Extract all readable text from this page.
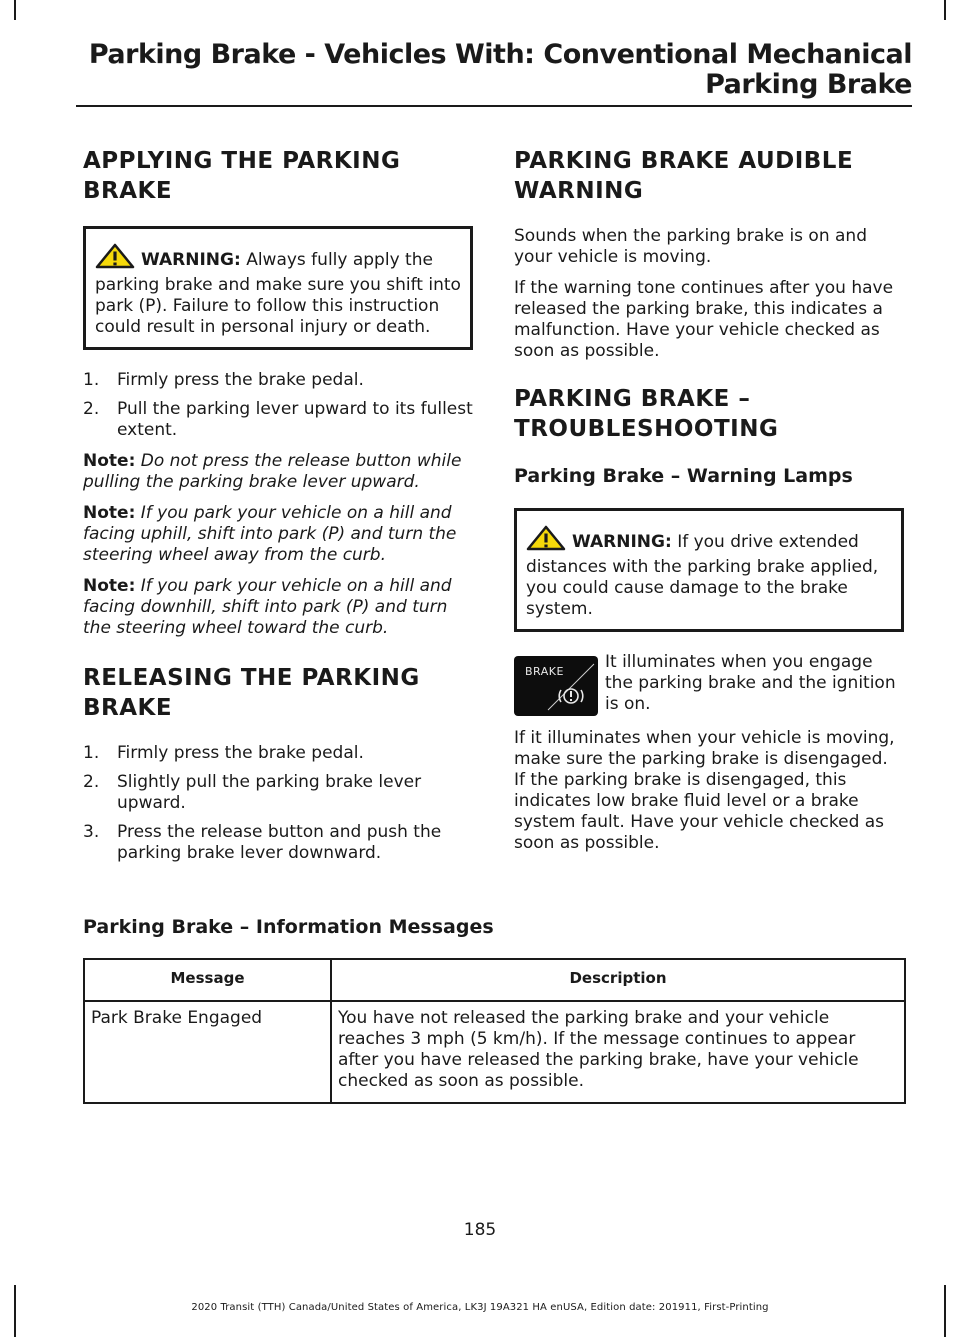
Parking Brake - Vehicles With: Conventional Mechanical
Parking Brake
APPLYING THE PARKING BRAKE
WARNING: Always fully apply the parking brake and make sure you shift into park (P). Failure to follow this instruction could result in personal injury or death.
1. Firmly press the brake pedal.
2. Pull the parking lever upward to its fullest extent.

Note: Do not press the release button while pulling the parking brake lever upward.

Note: If you park your vehicle on a hill and facing uphill, shift into park (P) and turn the steering wheel away from the curb.

Note: If you park your vehicle on a hill and facing downhill, shift into park (P) and turn the steering wheel toward the curb.

RELEASING THE PARKING BRAKE
1. Firmly press the brake pedal.
2. Slightly pull the parking brake lever upward.
3. Press the release button and push the parking brake lever downward.
PARKING BRAKE AUDIBLE WARNING

Sounds when the parking brake is on and your vehicle is moving.

If the warning tone continues after you have released the parking brake, this indicates a malfunction. Have your vehicle checked as soon as possible.

PARKING BRAKE – TROUBLESHOOTING
Parking Brake – Warning Lamps
WARNING: If you drive extended distances with the parking brake applied, you could cause damage to the brake system.
BRAKE It illuminates when you engage the parking brake and the ignition is on.

If it illuminates when your vehicle is moving, make sure the parking brake is disengaged. If the parking brake is disengaged, this indicates low brake fluid level or a brake system fault. Have your vehicle checked as soon as possible.

Parking Brake – Information Messages
Message	Description
Park Brake Engaged	You have not released the parking brake and your vehicle reaches 3 mph (5 km/h). If the message continues to appear after you have released the parking brake, have your vehicle checked as soon as possible.
185
2020 Transit (TTH) Canada/United States of America, LK3J 19A321 HA enUSA, Edition date: 201911, First-Printing
